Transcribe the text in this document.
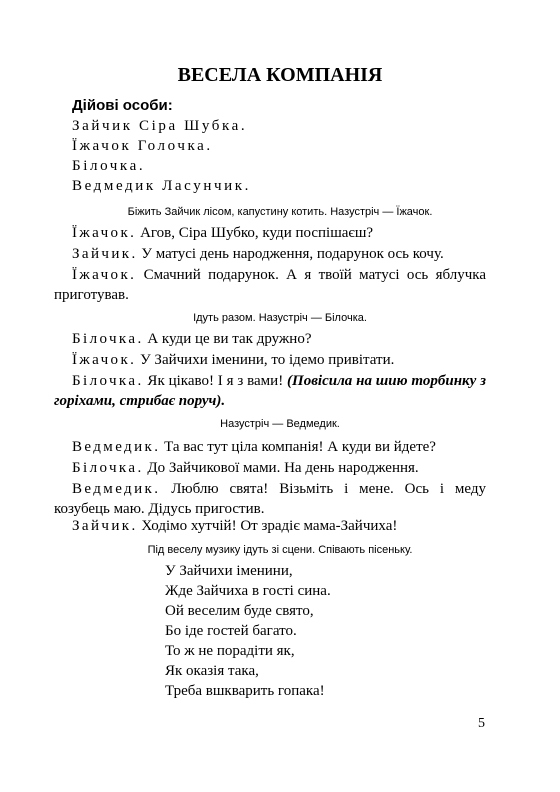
ВЕСЕЛА КОМПАНІЯ
Дійові особи:
Зайчик Сіра Шубка.
Їжачок Голочка.
Білочка.
Ведмедик Ласунчик.
Біжить Зайчик лісом, капустину котить. Назустріч — Їжачок.
Їжачок. Агов, Сіра Шубко, куди поспішаєш?
Зайчик. У матусі день народження, подарунок ось кочу.
Їжачок. Смачний подарунок. А я твоїй матусі ось яблучка приготував.
Ідуть разом. Назустріч — Білочка.
Білочка. А куди це ви так дружно?
Їжачок. У Зайчихи іменини, то ідемо привітати.
Білочка. Як цікаво! І я з вами! (Повісила на шию торбинку з горіхами, стрибає поруч).
Назустріч — Ведмедик.
Ведмедик. Та вас тут ціла компанія! А куди ви йдете?
Білочка. До Зайчикової мами. На день народження.
Ведмедик. Люблю свята! Візьміть і мене. Ось і меду козубець маю. Дідусь пригостив.
Зайчик. Ходімо хутчій! От зрадіє мама-Зайчиха!
Під веселу музику ідуть зі сцени. Співають пісеньку.
У Зайчихи іменини,
Жде Зайчиха в гості сина.
Ой веселим буде свято,
Бо іде гостей багато.
То ж не порадіти як,
Як оказія така,
Треба вшкварить гопака!
5
